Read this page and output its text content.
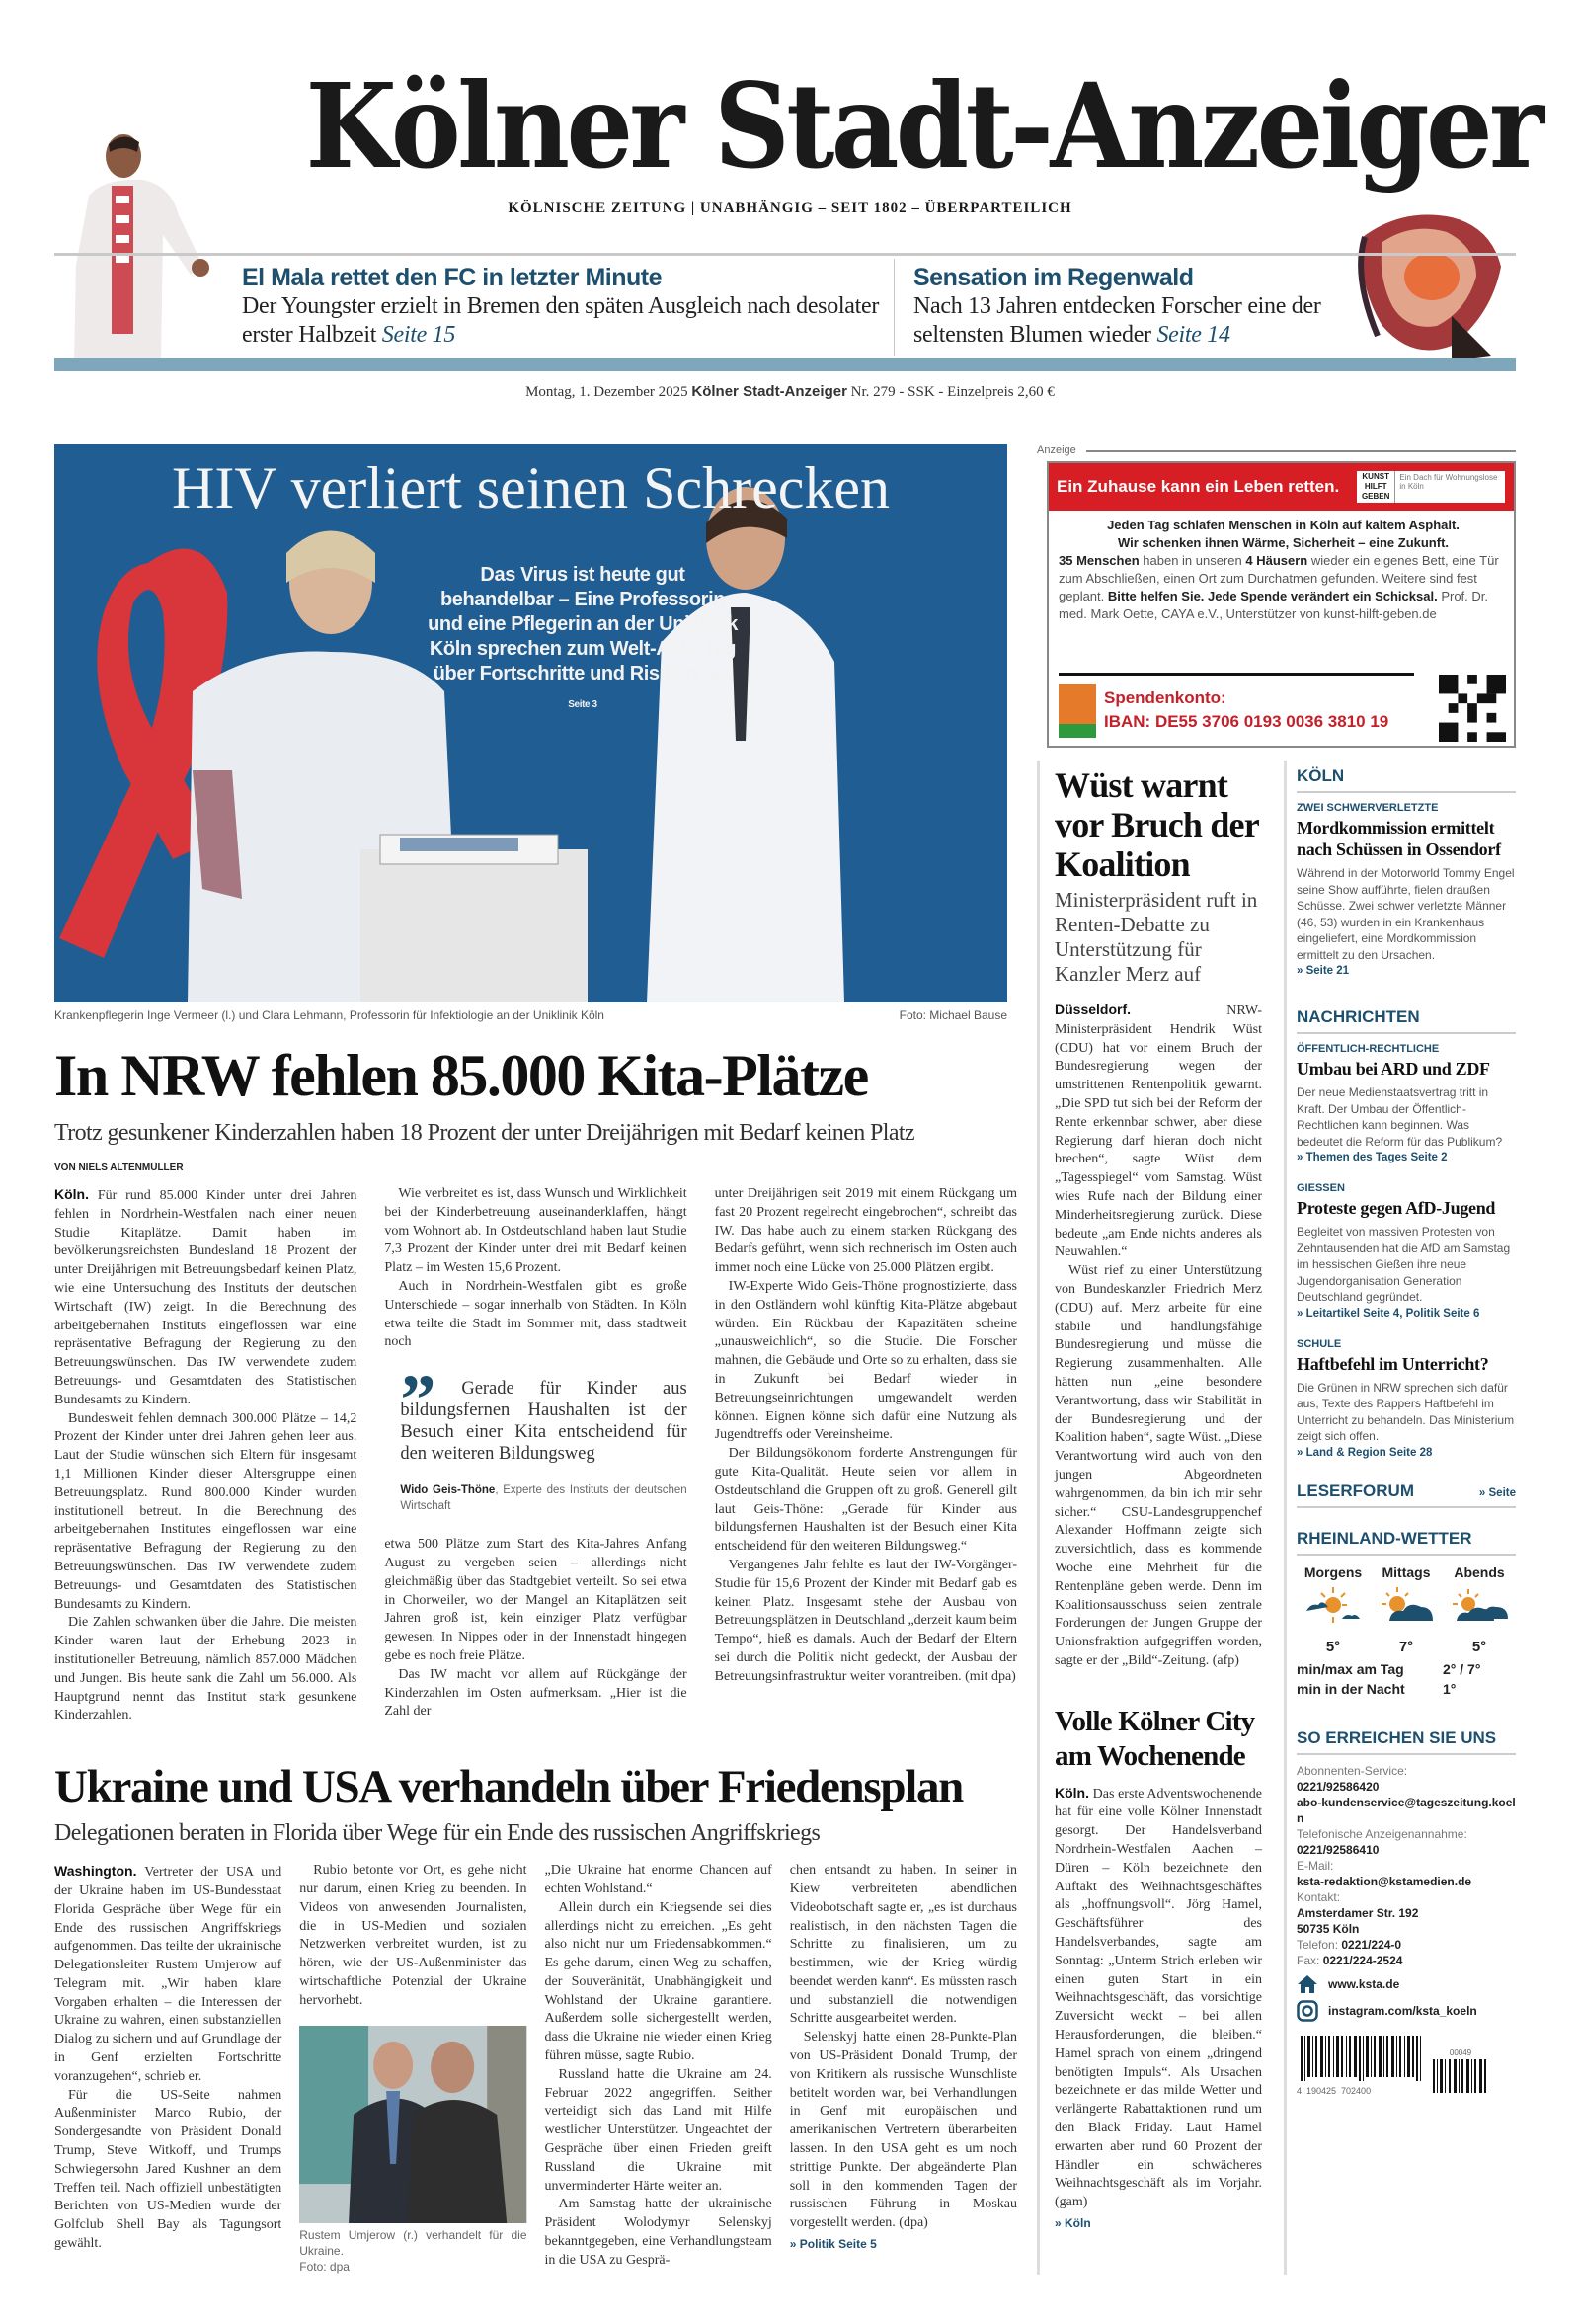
Kölner Stadt-Anzeiger
KÖLNISCHE ZEITUNG | UNABHÄNGIG – SEIT 1802 – ÜBERPARTEILICH
El Mala rettet den FC in letzter Minute
Der Youngster erzielt in Bremen den späten Ausgleich nach desolater erster Halbzeit Seite 15
Sensation im Regenwald
Nach 13 Jahren entdecken Forscher eine der seltensten Blumen wieder Seite 14
Montag, 1. Dezember 2025 Kölner Stadt-Anzeiger Nr. 279 - SSK - Einzelpreis 2,60 €
HIV verliert seinen Schrecken
Das Virus ist heute gut behandelbar – Eine Professorin und eine Pflegerin an der Uniklinik Köln sprechen zum Welt-Aids-Tag über Fortschritte und Risiken » NRW Seite 3
Krankenpflegerin Inge Vermeer (l.) und Clara Lehmann, Professorin für Infektiologie an der Uniklinik Köln	Foto: Michael Bause
Anzeige
Ein Zuhause kann ein Leben retten.
KUNST HILFT GEBEN
Ein Dach für Wohnungslose in Köln
Jeden Tag schlafen Menschen in Köln auf kaltem Asphalt.
Wir schenken ihnen Wärme, Sicherheit – eine Zukunft.
35 Menschen haben in unseren 4 Häusern wieder ein eigenes Bett, eine Tür zum Abschließen, einen Ort zum Durchatmen gefunden. Weitere sind fest geplant. Bitte helfen Sie. Jede Spende verändert ein Schicksal. Prof. Dr. med. Mark Oette, CAYA e.V., Unterstützer von kunst-hilft-geben.de
Spendenkonto:
IBAN: DE55 3706 0193 0036 3810 19
In NRW fehlen 85.000 Kita-Plätze
Trotz gesunkener Kinderzahlen haben 18 Prozent der unter Dreijährigen mit Bedarf keinen Platz
VON NIELS ALTENMÜLLER

Köln. Für rund 85.000 Kinder unter drei Jahren fehlen in Nordrhein-Westfalen nach einer neuen Studie Kitaplätze. Damit haben im bevölkerungsreichsten Bundesland 18 Prozent der unter Dreijährigen mit Betreuungsbedarf keinen Platz, wie eine Untersuchung des Instituts der deutschen Wirtschaft (IW) zeigt. In die Berechnung des arbeitgebernahen Instituts eingeflossen war eine repräsentative Befragung der Regierung zu den Betreuungswünschen. Das IW verwendete zudem Betreuungs- und Gesamtdaten des Statistischen Bundesamts zu Kindern.

Bundesweit fehlen demnach 300.000 Plätze – 14,2 Prozent der Kinder unter drei Jahren gehen leer aus. Laut der Studie wünschen sich Eltern für insgesamt 1,1 Millionen Kinder dieser Altersgruppe einen Betreuungsplatz. Rund 800.000 Kinder wurden institutionell betreut. In die Berechnung des arbeitgebernahen Institutes eingeflossen war eine repräsentative Befragung der Regierung zu den Betreuungswünschen. Das IW verwendete zudem Betreuungs- und Gesamtdaten des Statistischen Bundesamts zu Kindern.

Die Zahlen schwanken über die Jahre. Die meisten Kinder waren laut der Erhebung 2023 in institutioneller Betreuung, nämlich 857.000 Mädchen und Jungen. Bis heute sank die Zahl um 56.000. Als Hauptgrund nennt das Institut stark gesunkene Kinderzahlen.

Wie verbreitet es ist, dass Wunsch und Wirklichkeit bei der Kinderbetreuung auseinanderklaffen, hängt vom Wohnort ab. In Ostdeutschland haben laut Studie 7,3 Prozent der Kinder unter drei mit Bedarf keinen Platz – im Westen 15,6 Prozent.

Auch in Nordrhein-Westfalen gibt es große Unterschiede – sogar innerhalb von Städten. In Köln etwa teilte die Stadt im Sommer mit, dass stadtweit noch

”	Gerade für Kinder aus bildungsfernen Haushalten ist der Besuch einer Kita entscheidend für den weiteren Bildungsweg
Wido Geis-Thöne, Experte des Instituts der deutschen Wirtschaft

etwa 500 Plätze zum Start des Kita-Jahres Anfang August zu vergeben seien – allerdings nicht gleichmäßig über das Stadtgebiet verteilt. So sei etwa in Chorweiler, wo der Mangel an Kitaplätzen seit Jahren groß ist, kein einziger Platz verfügbar gewesen. In Nippes oder in der Innenstadt hingegen gebe es noch freie Plätze.

Das IW macht vor allem auf Rückgänge der Kinderzahlen im Osten aufmerksam. „Hier ist die Zahl der

unter Dreijährigen seit 2019 mit einem Rückgang um fast 20 Prozent regelrecht eingebrochen“, schreibt das IW. Das habe auch zu einem starken Rückgang des Bedarfs geführt, wenn sich rechnerisch im Osten auch immer noch eine Lücke von 25.000 Plätzen ergibt.

IW-Experte Wido Geis-Thöne prognostizierte, dass in den Ostländern wohl künftig Kita-Plätze abgebaut würden. Ein Rückbau der Kapazitäten scheine „unausweichlich“, so die Studie. Die Forscher mahnen, die Gebäude und Orte so zu erhalten, dass sie in Zukunft bei Bedarf wieder in Betreuungseinrichtungen umgewandelt werden können. Eignen könne sich dafür eine Nutzung als Jugendtreffs oder Vereinsheime.

Der Bildungsökonom forderte Anstrengungen für gute Kita-Qualität. Heute seien vor allem in Ostdeutschland die Gruppen oft zu groß. Generell gilt laut Geis-Thöne: „Gerade für Kinder aus bildungsfernen Haushalten ist der Besuch einer Kita entscheidend für den weiteren Bildungsweg.“

Vergangenes Jahr fehlte es laut der IW-Vorgänger-Studie für 15,6 Prozent der Kinder mit Bedarf gab es keinen Platz. Insgesamt stehe der Ausbau von Betreuungsplätzen in Deutschland „derzeit kaum beim Tempo“, hieß es damals. Auch der Bedarf der Eltern sei durch die Politik nicht gedeckt, der Ausbau der Betreuungsinfrastruktur weiter vorantreiben. (mit dpa)

Ukraine und USA verhandeln über Friedensplan
Delegationen beraten in Florida über Wege für ein Ende des russischen Angriffskriegs

Washington. Vertreter der USA und der Ukraine haben im US-Bundesstaat Florida Gespräche über Wege für ein Ende des russischen Angriffskriegs aufgenommen. Das teilte der ukrainische Delegationsleiter Rustem Umjerow auf Telegram mit. „Wir haben klare Vorgaben erhalten – die Interessen der Ukraine zu wahren, einen substanziellen Dialog zu sichern und auf Grundlage der in Genf erzielten Fortschritte voranzugehen“, schrieb er.

Für die US-Seite nahmen Außenminister Marco Rubio, der Sondergesandte von Präsident Donald Trump, Steve Witkoff, und Trumps Schwiegersohn Jared Kushner an dem Treffen teil. Nach offiziell unbestätigten Berichten von US-Medien wurde der Golfclub Shell Bay als Tagungsort gewählt.

Rubio betonte vor Ort, es gehe nicht nur darum, einen Krieg zu beenden. In Videos von anwesenden Journalisten, die in US-Medien und sozialen Netzwerken verbreitet wurden, ist zu hören, wie der US-Außenminister das wirtschaftliche Potenzial der Ukraine hervorhebt.

Rustem Umjerow (r.) verhandelt für die Ukraine.
Foto: dpa

„Die Ukraine hat enorme Chancen auf echten Wohlstand.“

Allein durch ein Kriegsende sei dies allerdings nicht zu erreichen. „Es geht also nicht nur um Friedensabkommen.“ Es gehe darum, einen Weg zu schaffen, der Souveränität, Unabhängigkeit und Wohlstand der Ukraine garantiere. Außerdem solle sichergestellt werden, dass die Ukraine nie wieder einen Krieg führen müsse, sagte Rubio.

Russland hatte die Ukraine am 24. Februar 2022 angegriffen. Seither verteidigt sich das Land mit Hilfe westlicher Unterstützer. Ungeachtet der Gespräche über einen Frieden greift Russland die Ukraine mit unverminderter Härte weiter an.

Am Samstag hatte der ukrainische Präsident Wolodymyr Selenskyj bekanntgegeben, eine Verhandlungsteam in die USA zu Gesprä-

chen entsandt zu haben. In seiner in Kiew verbreiteten abendlichen Videobotschaft sagte er, „es ist durchaus realistisch, in den nächsten Tagen die Schritte zu finalisieren, um zu bestimmen, wie der Krieg würdig beendet werden kann“. Es müssten rasch und substanziell die notwendigen Schritte ausgearbeitet werden.

Selenskyj hatte einen 28-Punkte-Plan von US-Präsident Donald Trump, der von Kritikern als russische Wunschliste betitelt worden war, bei Verhandlungen in Genf mit europäischen und amerikanischen Vertretern überarbeiten lassen. In den USA geht es um noch strittige Punkte. Der abgeänderte Plan soll in den kommenden Tagen der russischen Führung in Moskau vorgestellt werden. (dpa)

» Politik Seite 5
Wüst warnt vor Bruch der Koalition
Ministerpräsident ruft in Renten-Debatte zu Unterstützung für Kanzler Merz auf

Düsseldorf.	NRW-Ministerpräsident Hendrik Wüst (CDU) hat vor einem Bruch der Bundesregierung wegen der umstrittenen Rentenpolitik gewarnt. „Die SPD tut sich bei der Reform der Rente erkennbar schwer, aber diese Regierung darf hieran doch nicht brechen“, sagte Wüst dem „Tagesspiegel“ vom Samstag. Wüst wies Rufe nach der Bildung einer Minderheitsregierung zurück. Diese bedeute „am Ende nichts anderes als Neuwahlen.“

Wüst rief zu einer Unterstützung von Bundeskanzler Friedrich Merz (CDU) auf. Merz arbeite für eine stabile und handlungsfähige Bundesregierung und müsse die Regierung zusammenhalten. Alle hätten nun „eine besondere Verantwortung, dass wir Stabilität in der Bundesregierung und der Koalition haben“, sagte Wüst. „Diese Verantwortung wird auch von den jungen Abgeordneten wahrgenommen, da bin ich mir sehr sicher.“ CSU-Landesgruppenchef Alexander Hoffmann zeigte sich zuversichtlich, dass es kommende Woche eine Mehrheit für die Rentenpläne geben werde. Denn im Koalitionsausschuss seien zentrale Forderungen der Jungen Gruppe der Unionsfraktion aufgegriffen worden, sagte er der „Bild“-Zeitung. (afp)

Volle Kölner City am Wochenende

Köln. Das erste Adventswochenende hat für eine volle Kölner Innenstadt gesorgt. Der Handelsverband Nordrhein-Westfalen Aachen – Düren – Köln bezeichnete den Auftakt des Weihnachtsgeschäftes als „hoffnungsvoll“. Jörg Hamel, Geschäftsführer des Handelsverbandes, sagte am Sonntag: „Unterm Strich erleben wir einen guten Start in ein Weihnachtsgeschäft, das vorsichtige Zuversicht weckt – bei allen Herausforderungen, die bleiben.“ Hamel sprach von einem „dringend benötigten Impuls“. Als Ursachen bezeichnete er das milde Wetter und verlängerte Rabattaktionen rund um den Black Friday. Laut Hamel erwarten aber rund 60 Prozent der Händler ein schwächeres Weihnachtsgeschäft als im Vorjahr. (gam)

» Köln
KÖLN
ZWEI SCHWERVERLETZTE
Mordkommission ermittelt nach Schüssen in Ossendorf
Während in der Motorworld Tommy Engel seine Show aufführte, fielen draußen Schüsse. Zwei schwer verletzte Männer (46, 53) wurden in ein Krankenhaus eingeliefert, eine Mordkommission ermittelt zu den Ursachen.
» Seite 21
NACHRICHTEN
ÖFFENTLICH-RECHTLICHE
Umbau bei ARD und ZDF
Der neue Medienstaatsvertrag tritt in Kraft. Der Umbau der Öffentlich-Rechtlichen kann beginnen. Was bedeutet die Reform für das Publikum?
» Themen des Tages Seite 2
GIESSEN
Proteste gegen AfD-Jugend
Begleitet von massiven Protesten von Zehntausenden hat die AfD am Samstag im hessischen Gießen ihre neue Jugendorganisation Generation Deutschland gegründet.
» Leitartikel Seite 4, Politik Seite 6
SCHULE
Haftbefehl im Unterricht?
Die Grünen in NRW sprechen sich dafür aus, Texte des Rappers Haftbefehl im Unterricht zu behandeln. Das Ministerium zeigt sich offen.
» Land & Region Seite 28
LESERFORUM	» Seite
RHEINLAND-WETTER
Morgens	Mittags	Abends
5°	7°	5°
min/max am Tag	2° / 7°
min in der Nacht	1°
SO ERREICHEN SIE UNS
Abonnenten-Service:
0221/92586420
abo-kundenservice@tageszeitung.koeln
Telefonische Anzeigenannahme:
0221/92586410
E-Mail:
ksta-redaktion@kstamedien.de
Kontakt:
Amsterdamer Str. 192
50735 Köln
Telefon: 0221/224-0
Fax: 0221/224-2524
www.ksta.de
instagram.com/ksta_koeln
4  190425  702400
00049
